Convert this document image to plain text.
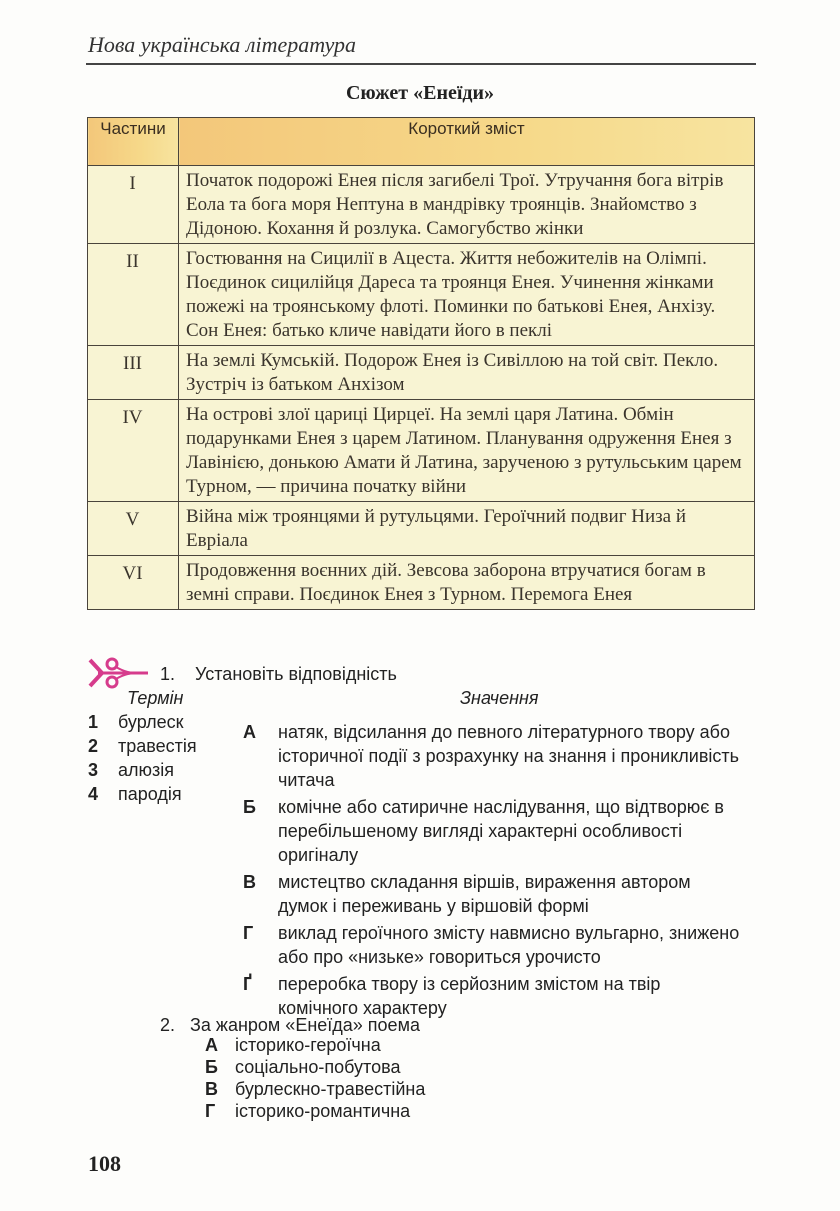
Нова українська література
Сюжет «Енеїди»
Частини	Короткий зміст
I	Початок подорожі Енея після загибелі Трої. Утручання бога вітрів Еола та бога моря Нептуна в мандрівку троянців. Знайомство з Дідоною. Кохання й розлука. Самогубство жінки
II	Гостювання на Сицилії в Ацеста. Життя небожителів на Олімпі. Поєдинок сицилійця Дареса та троянця Енея. Учинення жінками пожежі на троянському флоті. Поминки по батькові Енея, Анхізу. Сон Енея: батько кличе навідати його в пеклі
III	На землі Кумській. Подорож Енея із Сивіллою на той світ. Пекло. Зустріч із батьком Анхізом
IV	На острові злої цариці Цирцеї. На землі царя Латина. Обмін подарунками Енея з царем Латином. Планування одруження Енея з Лавінією, донькою Амати й Латина, зарученою з рутульським царем Турном, — причина початку війни
V	Війна між троянцями й рутульцями. Героїчний подвиг Низа й Евріала
VI	Продовження воєнних дій. Зевсова заборона втручатися богам в земні справи. Поєдинок Енея з Турном. Перемога Енея
1. Установіть відповідність
Термін	Значення
1 бурлеск
2 травестія
3 алюзія
4 пародія
А натяк, відсилання до певного літературного твору або історичної події з розрахунку на знання і проникливість читача
Б комічне або сатиричне наслідування, що відтворює в перебільшеному вигляді характерні особливості оригіналу
В мистецтво складання віршів, вираження автором думок і переживань у віршовій формі
Г виклад героїчного змісту навмисно вульгарно, знижено або про «низьке» говориться урочисто
Ґ переробка твору із серйозним змістом на твір комічного характеру
2. За жанром «Енеїда» поема
А історико-героїчна
Б соціально-побутова
В бурлескно-травестійна
Г історико-романтична
108
